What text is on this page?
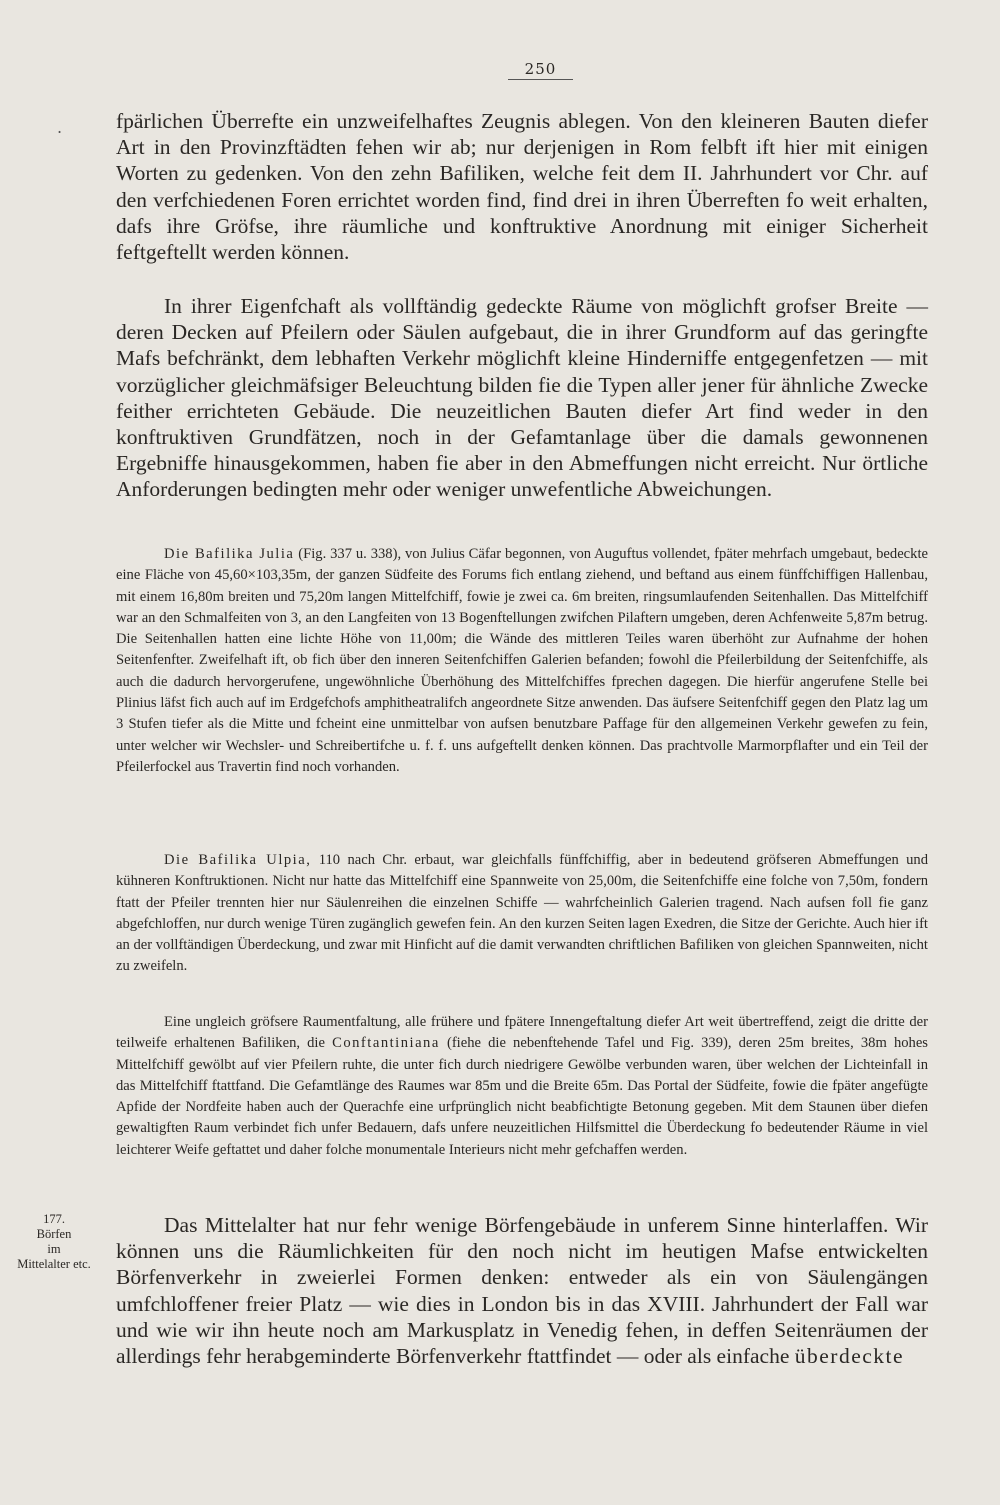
.
250
177.
Börfen
im
Mittelalter etc.

fpärlichen Überrefte ein unzweifelhaftes Zeugnis ablegen. Von den kleineren Bauten diefer Art in den Provinzftädten fehen wir ab; nur derjenigen in Rom felbft ift hier mit einigen Worten zu gedenken. Von den zehn Bafiliken, welche feit dem II. Jahrhundert vor Chr. auf den verfchiedenen Foren errichtet worden find, find drei in ihren Überreften fo weit erhalten, dafs ihre Gröfse, ihre räumliche und konftruktive Anordnung mit einiger Sicherheit feftgeftellt werden können.

In ihrer Eigenfchaft als vollftändig gedeckte Räume von möglichft grofser Breite — deren Decken auf Pfeilern oder Säulen aufgebaut, die in ihrer Grundform auf das geringfte Mafs befchränkt, dem lebhaften Verkehr möglichft kleine Hinderniffe entgegenfetzen — mit vorzüglicher gleichmäfsiger Beleuchtung bilden fie die Typen aller jener für ähnliche Zwecke feither errichteten Gebäude. Die neuzeitlichen Bauten diefer Art find weder in den konftruktiven Grundfätzen, noch in der Gefamtanlage über die damals gewonnenen Ergebniffe hinausgekommen, haben fie aber in den Abmeffungen nicht erreicht. Nur örtliche Anforderungen bedingten mehr oder weniger unwefentliche Abweichungen.

Die Bafilika Julia (Fig. 337 u. 338), von Julius Cäfar begonnen, von Auguftus vollendet, fpäter mehrfach umgebaut, bedeckte eine Fläche von 45,60×103,35m, der ganzen Südfeite des Forums fich entlang ziehend, und beftand aus einem fünffchiffigen Hallenbau, mit einem 16,80m breiten und 75,20m langen Mittelfchiff, fowie je zwei ca. 6m breiten, ringsumlaufenden Seitenhallen. Das Mittelfchiff war an den Schmalfeiten von 3, an den Langfeiten von 13 Bogenftellungen zwifchen Pilaftern umgeben, deren Achfenweite 5,87m betrug. Die Seitenhallen hatten eine lichte Höhe von 11,00m; die Wände des mittleren Teiles waren überhöht zur Aufnahme der hohen Seitenfenfter. Zweifelhaft ift, ob fich über den inneren Seitenfchiffen Galerien befanden; fowohl die Pfeilerbildung der Seitenfchiffe, als auch die dadurch hervorgerufene, ungewöhnliche Überhöhung des Mittelfchiffes fprechen dagegen. Die hierfür angerufene Stelle bei Plinius läfst fich auch auf im Erdgefchofs amphitheatralifch angeordnete Sitze anwenden. Das äufsere Seitenfchiff gegen den Platz lag um 3 Stufen tiefer als die Mitte und fcheint eine unmittelbar von aufsen benutzbare Paffage für den allgemeinen Verkehr gewefen zu fein, unter welcher wir Wechsler- und Schreibertifche u. f. f. uns aufgeftellt denken können. Das prachtvolle Marmorpflafter und ein Teil der Pfeilerfockel aus Travertin find noch vorhanden.

Die Bafilika Ulpia, 110 nach Chr. erbaut, war gleichfalls fünffchiffig, aber in bedeutend gröfseren Abmeffungen und kühneren Konftruktionen. Nicht nur hatte das Mittelfchiff eine Spannweite von 25,00m, die Seitenfchiffe eine folche von 7,50m, fondern ftatt der Pfeiler trennten hier nur Säulenreihen die einzelnen Schiffe — wahrfcheinlich Galerien tragend. Nach aufsen foll fie ganz abgefchloffen, nur durch wenige Türen zugänglich gewefen fein. An den kurzen Seiten lagen Exedren, die Sitze der Gerichte. Auch hier ift an der vollftändigen Überdeckung, und zwar mit Hinficht auf die damit verwandten chriftlichen Bafiliken von gleichen Spannweiten, nicht zu zweifeln.

Eine ungleich gröfsere Raumentfaltung, alle frühere und fpätere Innengeftaltung diefer Art weit übertreffend, zeigt die dritte der teilweife erhaltenen Bafiliken, die Conftantiniana (fiehe die nebenftehende Tafel und Fig. 339), deren 25m breites, 38m hohes Mittelfchiff gewölbt auf vier Pfeilern ruhte, die unter fich durch niedrigere Gewölbe verbunden waren, über welchen der Lichteinfall in das Mittelfchiff ftattfand. Die Gefamtlänge des Raumes war 85m und die Breite 65m. Das Portal der Südfeite, fowie die fpäter angefügte Apfide der Nordfeite haben auch der Querachfe eine urfprünglich nicht beabfichtigte Betonung gegeben. Mit dem Staunen über diefen gewaltigften Raum verbindet fich unfer Bedauern, dafs unfere neuzeitlichen Hilfsmittel die Überdeckung fo bedeutender Räume in viel leichterer Weife geftattet und daher folche monumentale Interieurs nicht mehr gefchaffen werden.

Das Mittelalter hat nur fehr wenige Börfengebäude in unferem Sinne hinterlaffen. Wir können uns die Räumlichkeiten für den noch nicht im heutigen Mafse entwickelten Börfenverkehr in zweierlei Formen denken: entweder als ein von Säulengängen umfchloffener freier Platz — wie dies in London bis in das XVIII. Jahrhundert der Fall war und wie wir ihn heute noch am Markusplatz in Venedig fehen, in deffen Seitenräumen der allerdings fehr herabgeminderte Börfenverkehr ftattfindet — oder als einfache überdeckte
